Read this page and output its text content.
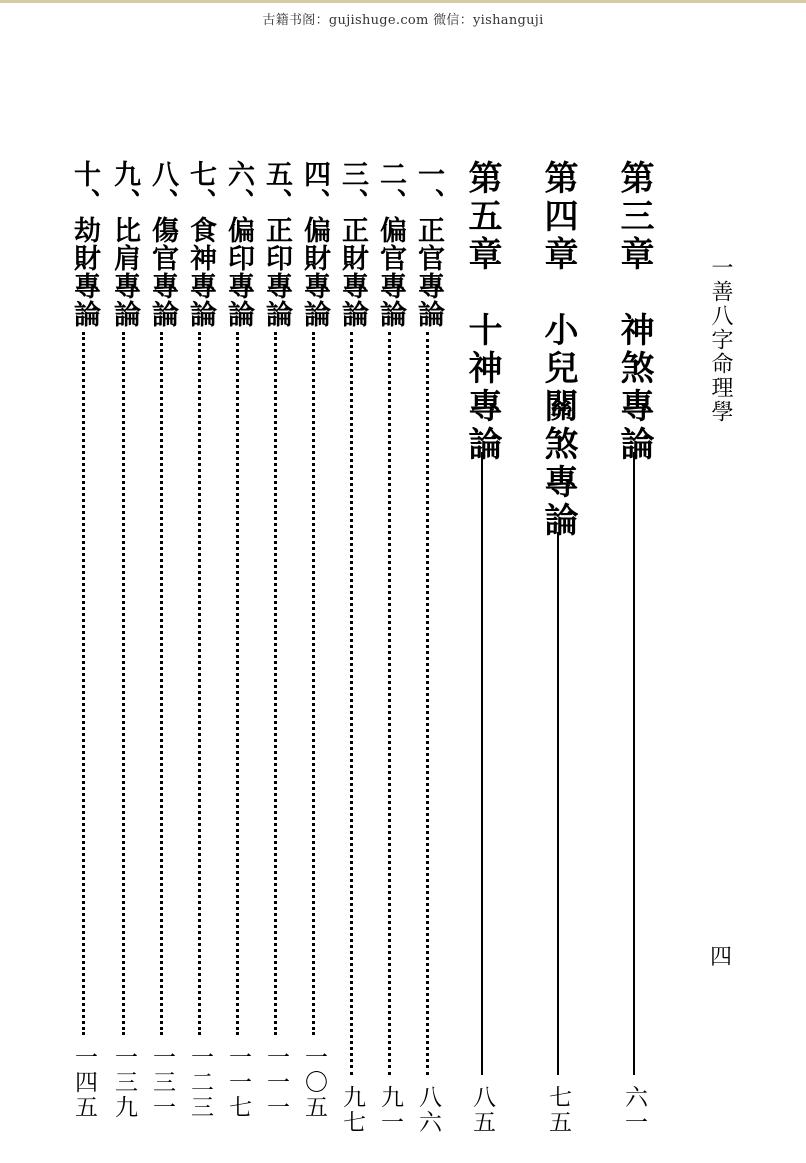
古籍书阁：gujishuge.com 微信：yishanguji
一善八字命理學
四
第三章　神煞專論
六一
第四章　小兒關煞專論
七五
第五章　十神專論
八五
一、正官專論
八六
二、偏官專論
九一
三、正財專論
九七
四、偏財專論
一〇五
五、正印專論
一一一
六、偏印專論
一一七
七、食神專論
一二三
八、傷官專論
一三一
九、比肩專論
一三九
十、劫財專論
一四五
